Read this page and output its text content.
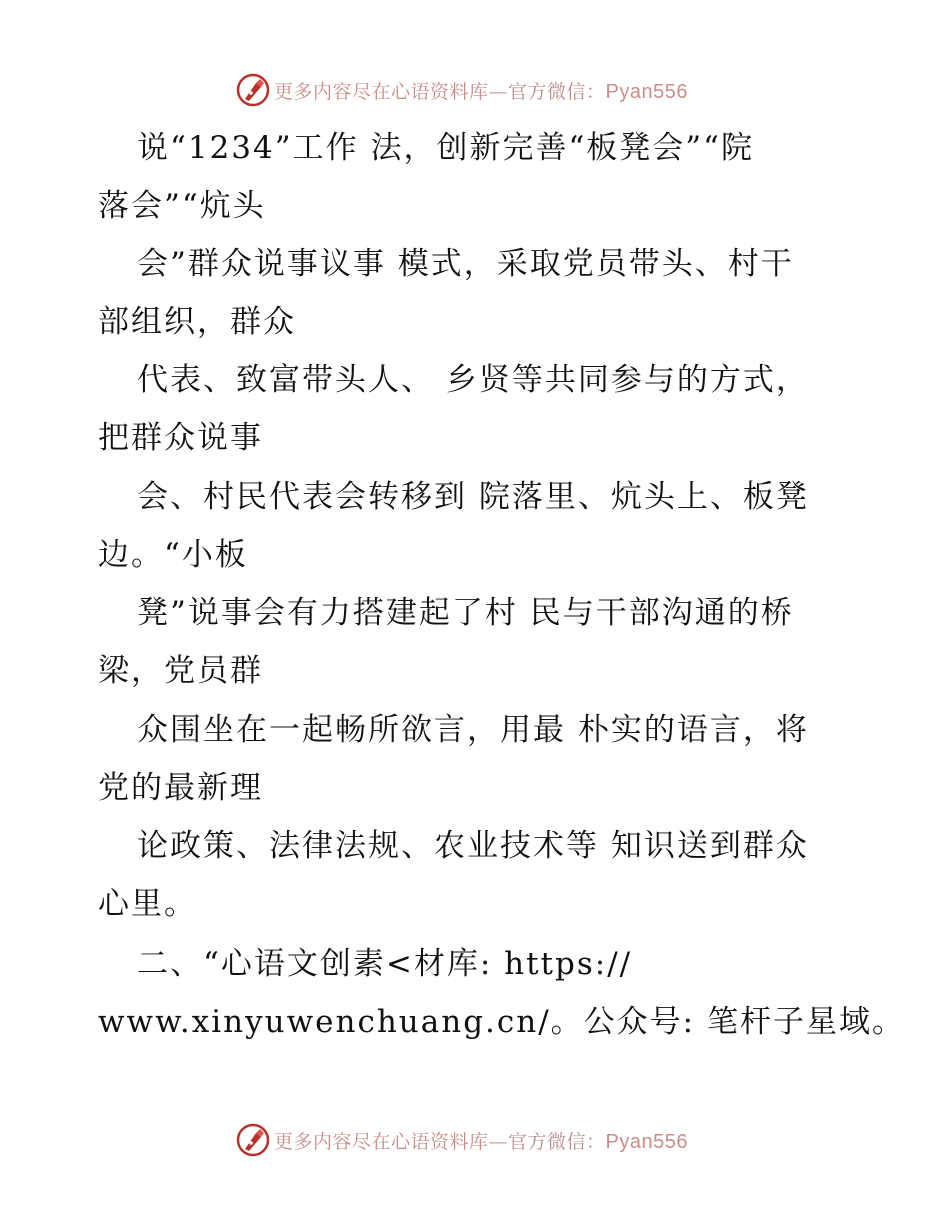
更多内容尽在心语资料库—官方微信：Pyan556
说“1234”工作 法，创新完善“板凳会”“院
落会”“炕头
会”群众说事议事 模式，采取党员带头、村干
部组织，群众
代表、致富带头人、 乡贤等共同参与的方式，
把群众说事
会、村民代表会转移到 院落里、炕头上、板凳
边。“小板
凳”说事会有力搭建起了村 民与干部沟通的桥
梁，党员群
众围坐在一起畅所欲言，用最 朴实的语言，将
党的最新理
论政策、法律法规、农业技术等 知识送到群众
心里。
二、“心语文创素<材库: https://
www.xinyuwenchuang.cn/。公众号: 笔杆子星域。
更多内容尽在心语资料库—官方微信：Pyan556
